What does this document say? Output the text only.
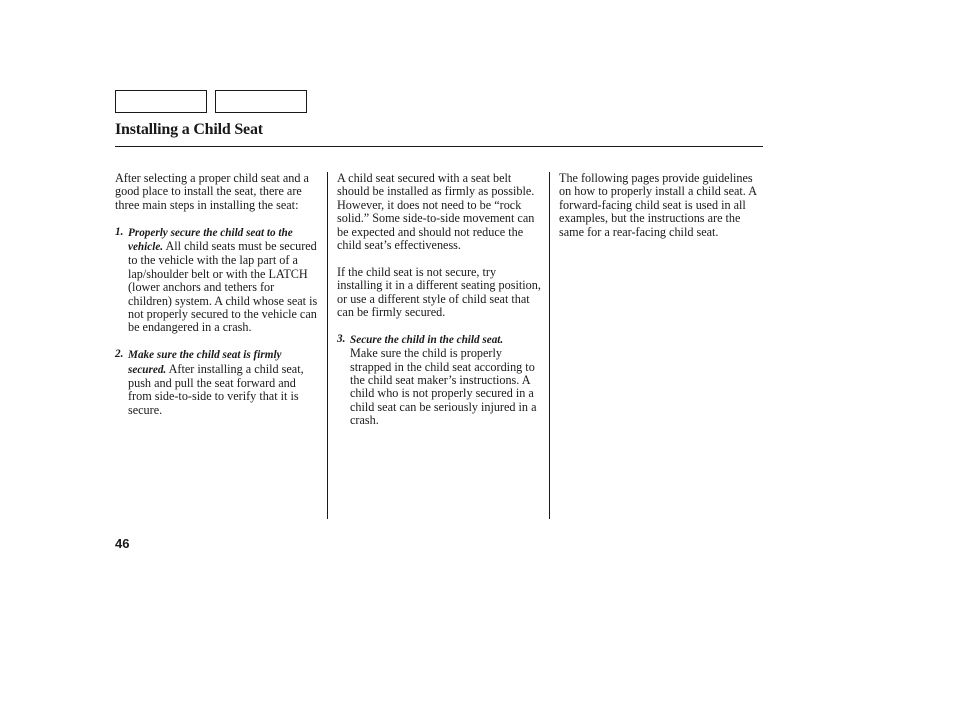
Installing a Child Seat

After selecting a proper child seat and a good place to install the seat, there are three main steps in installing the seat:

1. Properly secure the child seat to the vehicle. All child seats must be secured to the vehicle with the lap part of a lap/shoulder belt or with the LATCH (lower anchors and tethers for children) system. A child whose seat is not properly secured to the vehicle can be endangered in a crash.
2. Make sure the child seat is firmly secured. After installing a child seat, push and pull the seat forward and from side-to-side to verify that it is secure.

A child seat secured with a seat belt should be installed as firmly as possible. However, it does not need to be “rock solid.” Some side-to-side movement can be expected and should not reduce the child seat’s effectiveness.

If the child seat is not secure, try installing it in a different seating position, or use a different style of child seat that can be firmly secured.

3. Secure the child in the child seat.
Make sure the child is properly strapped in the child seat according to the child seat maker’s instructions. A child who is not properly secured in a child seat can be seriously injured in a crash.

The following pages provide guidelines on how to properly install a child seat. A forward-facing child seat is used in all examples, but the instructions are the same for a rear-facing child seat.

46
